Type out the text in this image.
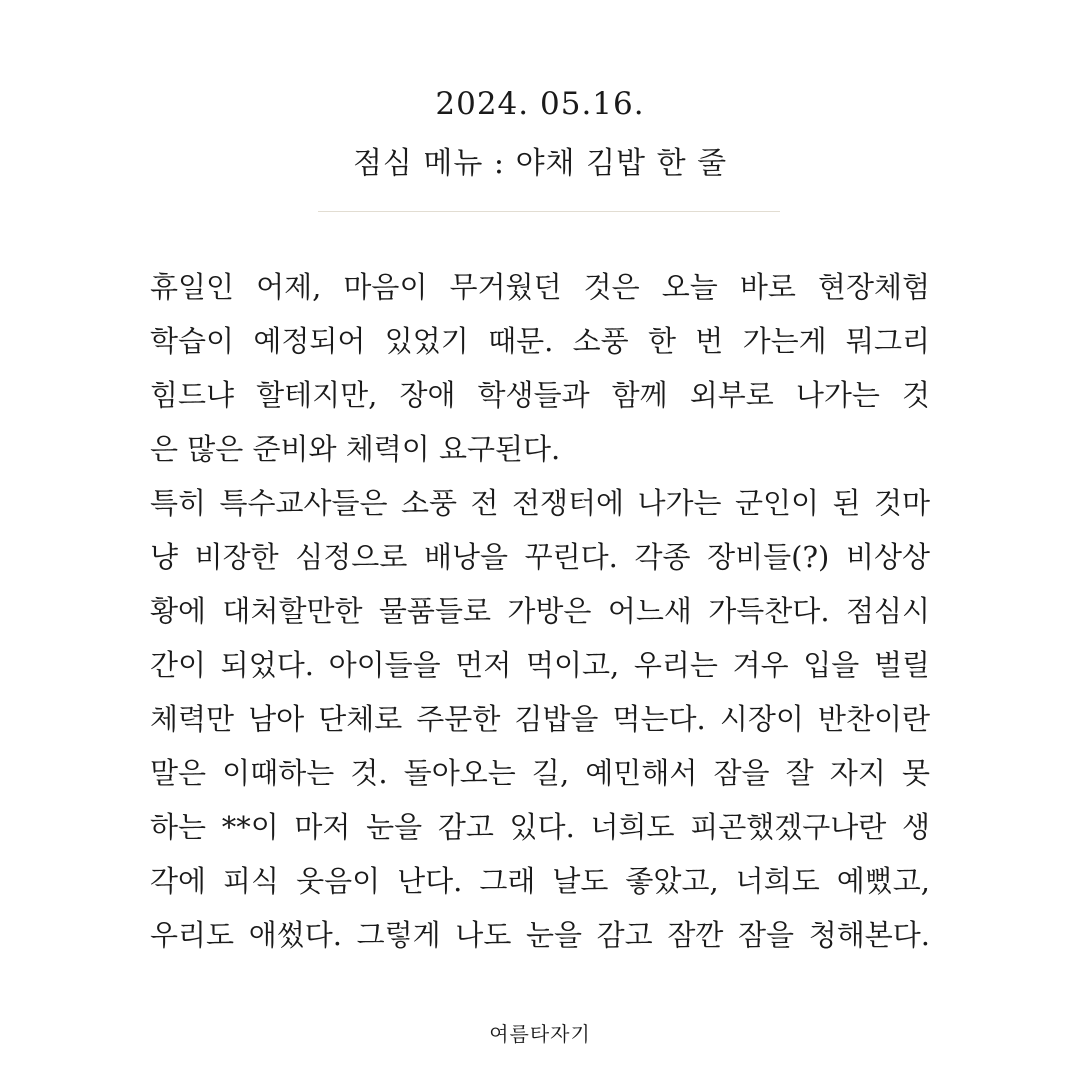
2024. 05.16.
점심 메뉴 : 야채 김밥 한 줄
휴일인 어제, 마음이 무거웠던 것은 오늘 바로 현장체험
학습이 예정되어 있었기 때문. 소풍 한 번 가는게 뭐그리
힘드냐 할테지만, 장애 학생들과 함께 외부로 나가는 것
은 많은 준비와 체력이 요구된다.
특히 특수교사들은 소풍 전 전쟁터에 나가는 군인이 된 것마
냥 비장한 심정으로 배낭을 꾸린다. 각종 장비들(?) 비상상
황에 대처할만한 물품들로 가방은 어느새 가득찬다. 점심시
간이 되었다. 아이들을 먼저 먹이고, 우리는 겨우 입을 벌릴
체력만 남아 단체로 주문한 김밥을 먹는다. 시장이 반찬이란
말은 이때하는 것. 돌아오는 길, 예민해서 잠을 잘 자지 못
하는 **이 마저 눈을 감고 있다. 너희도 피곤했겠구나란 생
각에 피식 웃음이 난다. 그래 날도 좋았고, 너희도 예뻤고,
우리도 애썼다. 그렇게 나도 눈을 감고 잠깐 잠을 청해본다.
여름타자기
